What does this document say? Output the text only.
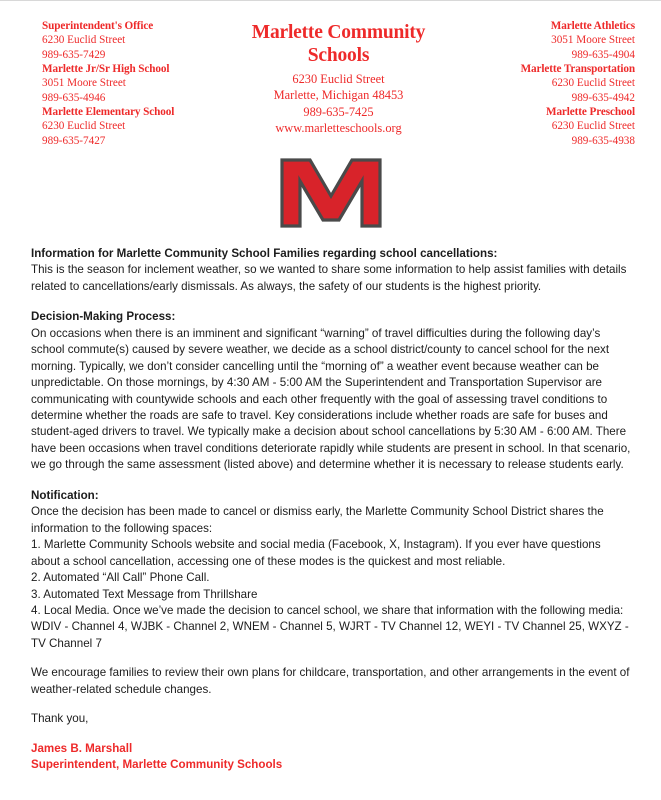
Superintendent's Office
6230 Euclid Street
989-635-7429
Marlette Jr/Sr High School
3051 Moore Street
989-635-4946
Marlette Elementary School
6230 Euclid Street
989-635-7427
Marlette Community Schools
6230 Euclid Street
Marlette, Michigan 48453
989-635-7425
www.marletteschools.org
Marlette Athletics
3051 Moore Street
989-635-4904
Marlette Transportation
6230 Euclid Street
989-635-4942
Marlette Preschool
6230 Euclid Street
989-635-4938
Information for Marlette Community School Families regarding school cancellations:

This is the season for inclement weather, so we wanted to share some information to help assist families with details related to cancellations/early dismissals. As always, the safety of our students is the highest priority.

Decision-Making Process:

On occasions when there is an imminent and significant “warning” of travel difficulties during the following day’s school commute(s) caused by severe weather, we decide as a school district/county to cancel school for the next morning. Typically, we don’t consider cancelling until the “morning of” a weather event because weather can be unpredictable. On those mornings, by 4:30 AM - 5:00 AM the Superintendent and Transportation Supervisor are communicating with countywide schools and each other frequently with the goal of assessing travel conditions to determine whether the roads are safe to travel. Key considerations include whether roads are safe for buses and student-aged drivers to travel. We typically make a decision about school cancellations by 5:30 AM - 6:00 AM. There have been occasions when travel conditions deteriorate rapidly while students are present in school. In that scenario, we go through the same assessment (listed above) and determine whether it is necessary to release students early.

Notification:

Once the decision has been made to cancel or dismiss early, the Marlette Community School District shares the information to the following spaces:

1. Marlette Community Schools website and social media (Facebook, X, Instagram). If you ever have questions about a school cancellation, accessing one of these modes is the quickest and most reliable.
2. Automated “All Call” Phone Call.
3. Automated Text Message from Thrillshare
4. Local Media. Once we’ve made the decision to cancel school, we share that information with the following media: WDIV - Channel 4, WJBK - Channel 2, WNEM - Channel 5, WJRT - TV Channel 12, WEYI - TV Channel 25, WXYZ - TV Channel 7

We encourage families to review their own plans for childcare, transportation, and other arrangements in the event of weather-related schedule changes.

Thank you,

James B. Marshall
Superintendent, Marlette Community Schools
